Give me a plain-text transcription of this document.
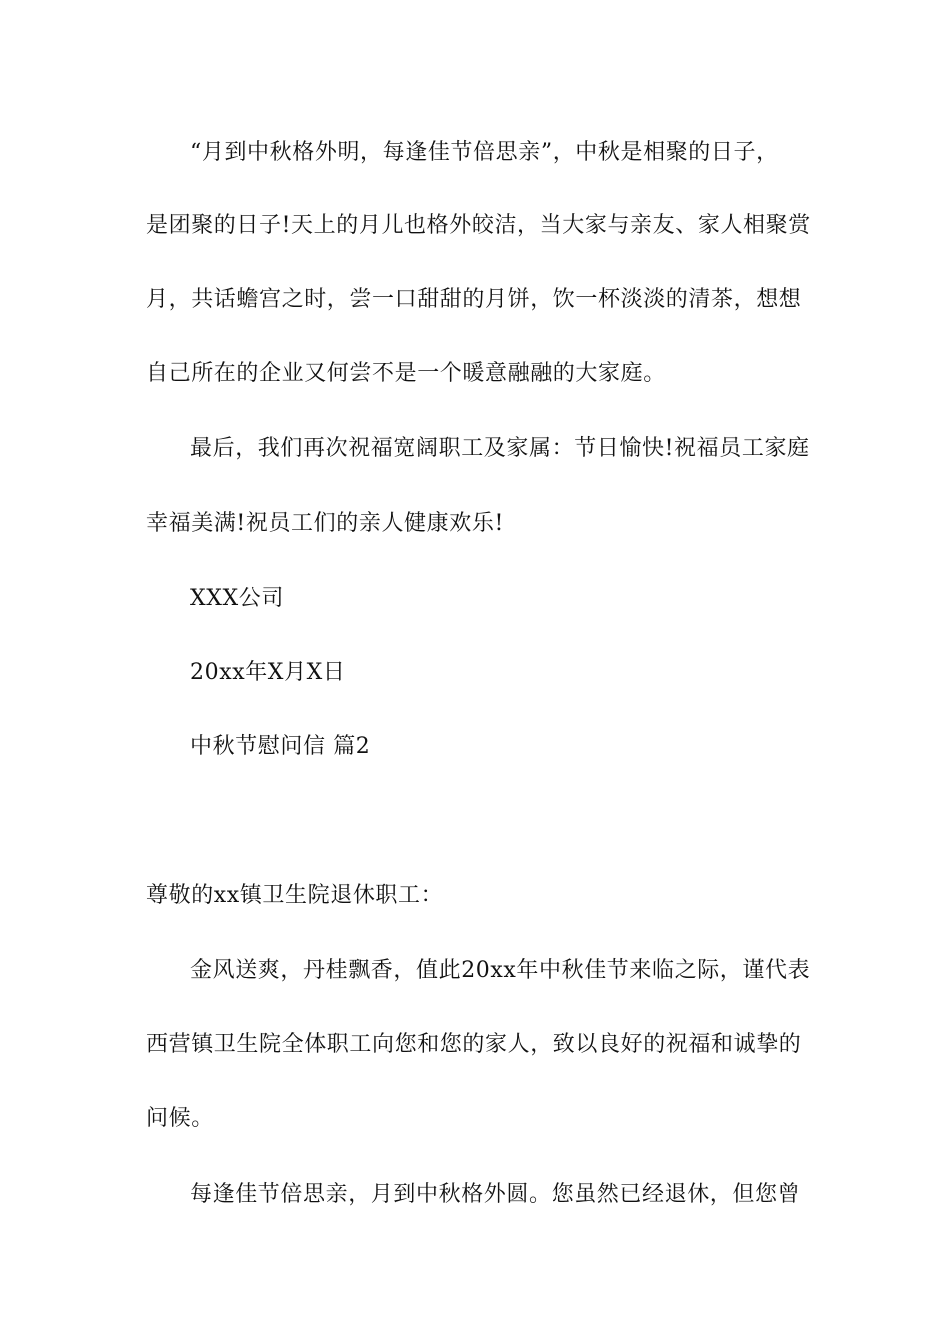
“月到中秋格外明，每逢佳节倍思亲”，中秋是相聚的日子，

是团聚的日子!天上的月儿也格外皎洁，当大家与亲友、家人相聚赏

月，共话蟾宫之时，尝一口甜甜的月饼，饮一杯淡淡的清茶，想想

自己所在的企业又何尝不是一个暖意融融的大家庭。

最后，我们再次祝福宽阔职工及家属：节日愉快!祝福员工家庭

幸福美满!祝员工们的亲人健康欢乐!

XXX公司

20xx年X月X日

中秋节慰问信 篇2

尊敬的xx镇卫生院退休职工：

金风送爽，丹桂飘香，值此20xx年中秋佳节来临之际，谨代表

西营镇卫生院全体职工向您和您的家人，致以良好的祝福和诚挚的

问候。

每逢佳节倍思亲，月到中秋格外圆。您虽然已经退休，但您曾
